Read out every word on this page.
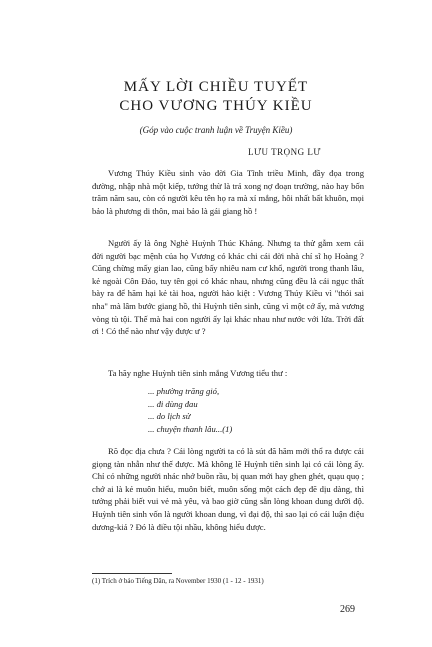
MẤY LỜI CHIỀU TUYẾT
CHO VƯƠNG THÚY KIỀU
(Góp vào cuộc tranh luận về Truyện Kiều)
LƯU TRỌNG LƯ

Vương Thúy Kiều sinh vào đời Gia Tĩnh triều Minh, đầy đọa trong đường, nhập nhà một kiếp, tướng thừ là trả xong nợ đoạn trường, nào hay bốn trăm năm sau, còn có người kêu tên họ ra mà xỉ mắng, hôi nhất bất khuôn, mọi bảo là phương di thôn, mai bảo là gái giang hồ !

Người ấy là ông Nghè Huỳnh Thúc Kháng. Nhưng ta thử gẫm xem cái đời người bạc mệnh của họ Vương có khác chi cái đời nhà chí sĩ họ Hoàng ? Cũng chừng mấy gian lao, cũng bấy nhiêu nam cư khổ, người trong thanh lâu, kẻ ngoài Côn Đảo, tuy tên gọi có khác nhau, nhưng cũng đều là cái ngục thất bày ra để hãm hại kẻ tài hoa, người hào kiệt : Vương Thúy Kiều vì "thói sai nha" mà lâm bước giang hồ, thì Huỳnh tiên sinh, cũng vì một cớ ấy, mà vương vòng tù tội. Thế mà hai con người ấy lại khác nhau như nước với lửa. Trời đất ơi ! Có thể nào như vậy được ư ?

Ta hãy nghe Huỳnh tiên sinh mắng Vương tiểu thư :

... phường trăng gió,
... đi dùng đau
... do lịch sử
... chuyện thanh lâu...(1)

Rõ đọc địa chưa ? Cái lòng người ta có là sút đã hăm mới thổ ra được cái giọng tàn nhẫn như thế được. Mà không lẽ Huỳnh tiên sinh lại có cái lòng ấy. Chỉ có những người nhác nhớ buồn rầu, bị quan mới hay ghen ghét, quạu quọ ; chớ ai là kẻ muôn hiểu, muôn biết, muôn sống một cách đẹp đẽ dịu dàng, thì tưởng phải biết vui vẻ mà yêu, và bao giờ cũng sẵn lòng khoan dung dưỡi độ. Huỳnh tiên sinh vốn là người khoan dung, vì đại độ, thì sao lại có cái luận điệu dương-kiả ? Đó là điều tội nhầu, không hiểu được.

(1) Trích ở báo Tiếng Dân, ra November 1930 (1 - 12 - 1931)
269
